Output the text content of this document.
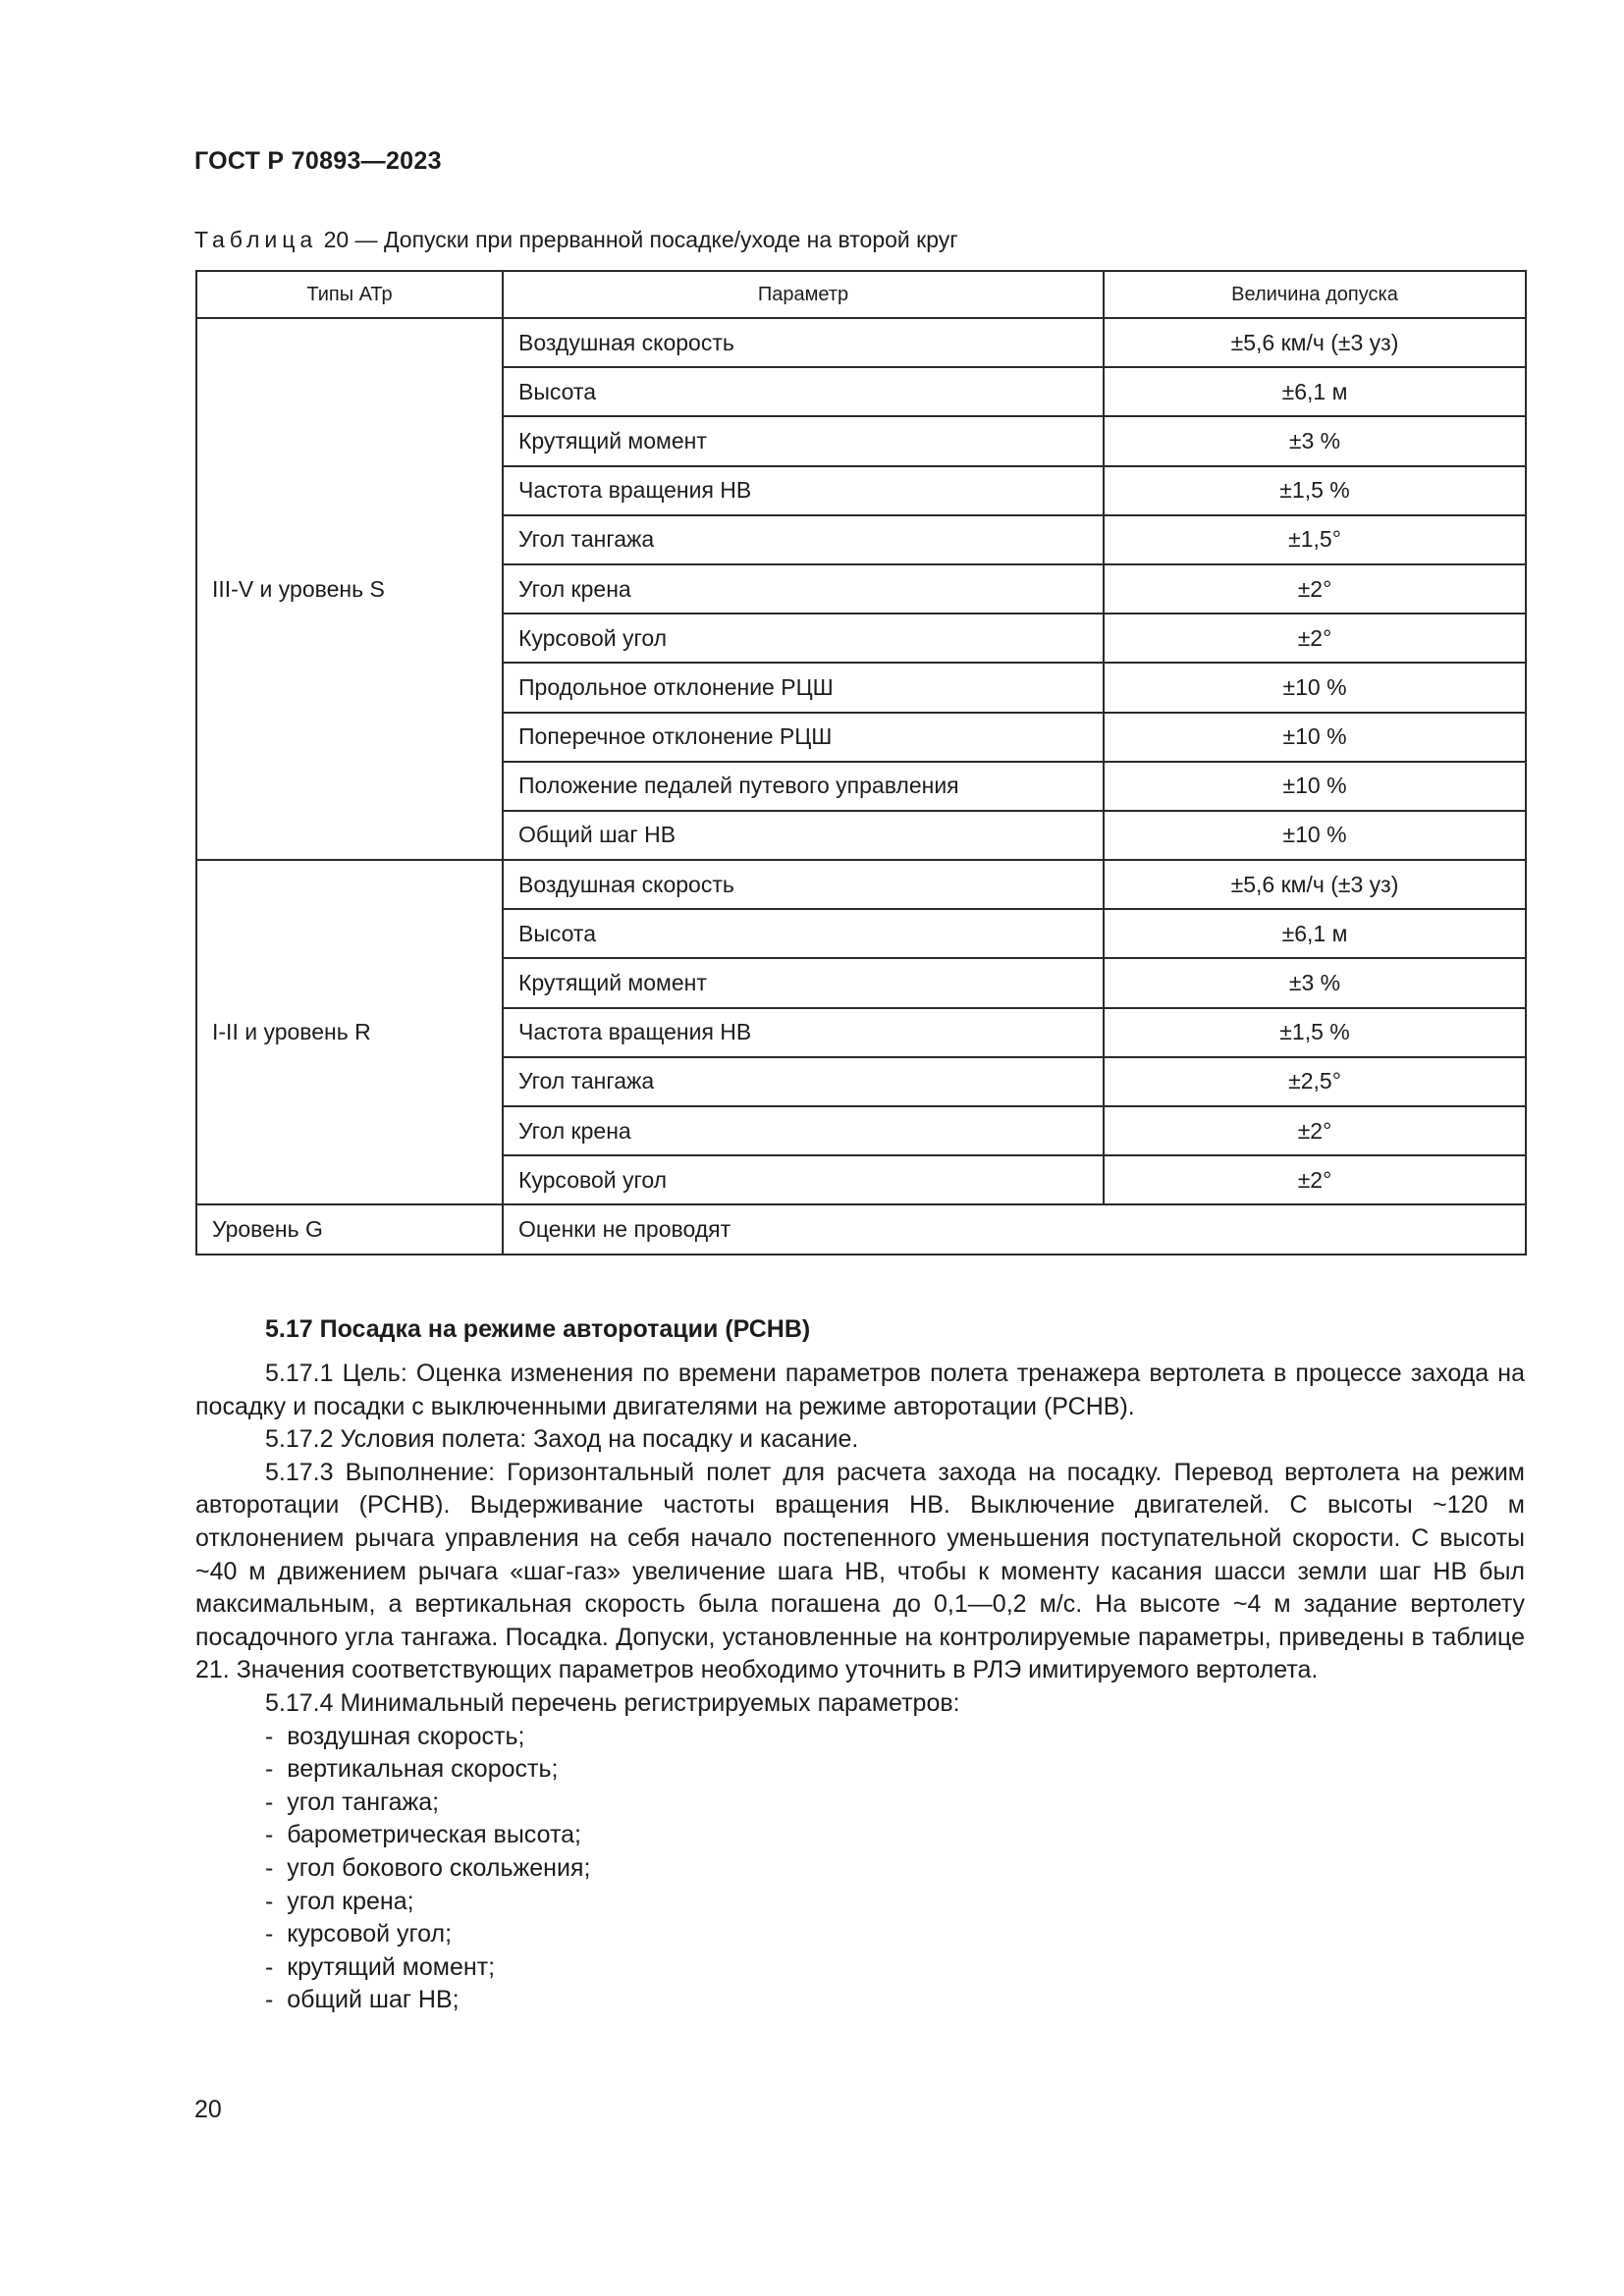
ГОСТ Р 70893—2023
Таблица 20 — Допуски при прерванной посадке/уходе на второй круг
Типы АТр	Параметр	Величина допуска
III-V и уровень S	Воздушная скорость	±5,6 км/ч (±3 уз)
	Высота	±6,1 м
	Крутящий момент	±3 %
	Частота вращения НВ	±1,5 %
	Угол тангажа	±1,5°
	Угол крена	±2°
	Курсовой угол	±2°
	Продольное отклонение РЦШ	±10 %
	Поперечное отклонение РЦШ	±10 %
	Положение педалей путевого управления	±10 %
	Общий шаг НВ	±10 %
I-II и уровень R	Воздушная скорость	±5,6 км/ч (±3 уз)
	Высота	±6,1 м
	Крутящий момент	±3 %
	Частота вращения НВ	±1,5 %
	Угол тангажа	±2,5°
	Угол крена	±2°
	Курсовой угол	±2°
Уровень G	Оценки не проводят	
5.17 Посадка на режиме авторотации (РСНВ)

5.17.1 Цель: Оценка изменения по времени параметров полета тренажера вертолета в процессе захода на посадку и посадки с выключенными двигателями на режиме авторотации (РСНВ).

5.17.2 Условия полета: Заход на посадку и касание.

5.17.3 Выполнение: Горизонтальный полет для расчета захода на посадку. Перевод вертолета на режим авторотации (РСНВ). Выдерживание частоты вращения НВ. Выключение двигателей. С высоты ~120 м отклонением рычага управления на себя начало постепенного уменьшения поступательной скорости. С высоты ~40 м движением рычага «шаг-газ» увеличение шага НВ, чтобы к моменту касания шасси земли шаг НВ был максимальным, а вертикальная скорость была погашена до 0,1—0,2 м/с. На высоте ~4 м задание вертолету посадочного угла тангажа. Посадка. Допуски, установленные на контролируемые параметры, приведены в таблице 21. Значения соответствующих параметров необходимо уточнить в РЛЭ имитируемого вертолета.

5.17.4 Минимальный перечень регистрируемых параметров:

- воздушная скорость;
- вертикальная скорость;
- угол тангажа;
- барометрическая высота;
- угол бокового скольжения;
- угол крена;
- курсовой угол;
- крутящий момент;
- общий шаг НВ;
20
